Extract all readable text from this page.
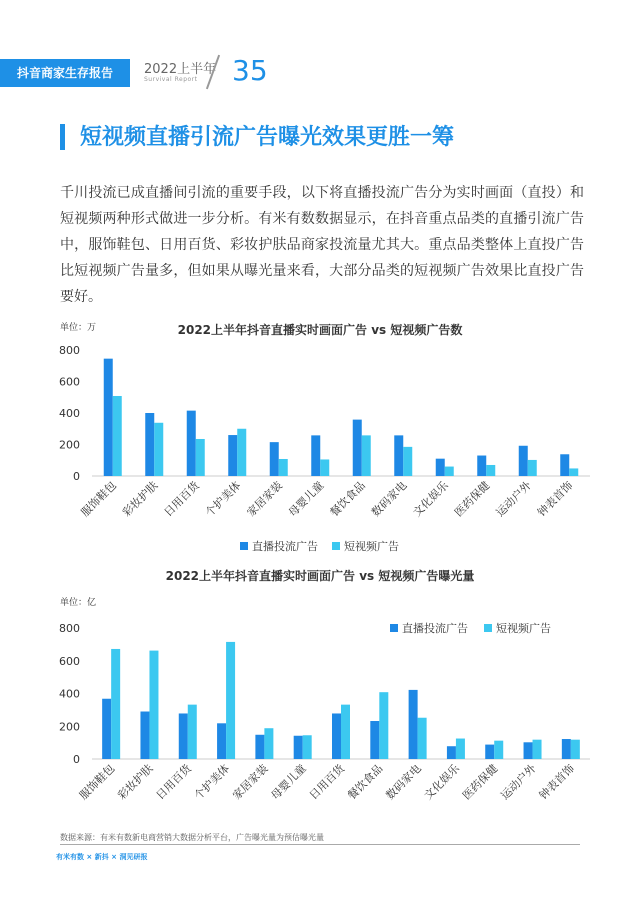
抖音商家生存报告	2022上半年
Survival Report 35
短视频直播引流广告曝光效果更胜一筹
千川投流已成直播间引流的重要手段，以下将直播投流广告分为实时画面（直投）和短视频两种形式做进一步分析。有米有数数据显示，在抖音重点品类的直播引流广告中，服饰鞋包、日用百货、彩妆护肤品商家投流量尤其大。重点品类整体上直投广告比短视频广告量多，但如果从曝光量来看，大部分品类的短视频广告效果比直投广告要好。
2022上半年抖音直播实时画面广告 vs 短视频广告数
单位：万
0
200
400
600
800
服饰鞋包 彩妆护肤 日用百货 个护美体 家居家装 母婴儿童 餐饮食品 数码家电 文化娱乐 医药保健 运动户外 钟表首饰
直播投流广告 短视频广告
2022上半年抖音直播实时画面广告 vs 短视频广告曝光量
单位：亿
0
200
400
600
800
服饰鞋包
彩妆护肤
日用百货
个护美体
家居家装
母婴儿童
日用百货
餐饮食品
数码家电
文化娱乐
医药保健
运动户外
钟表首饰
直播投流广告	短视频广告
数据来源：有米有数新电商营销大数据分析平台，广告曝光量为预估曝光量
有米有数 × 新抖 × 洞见研报
